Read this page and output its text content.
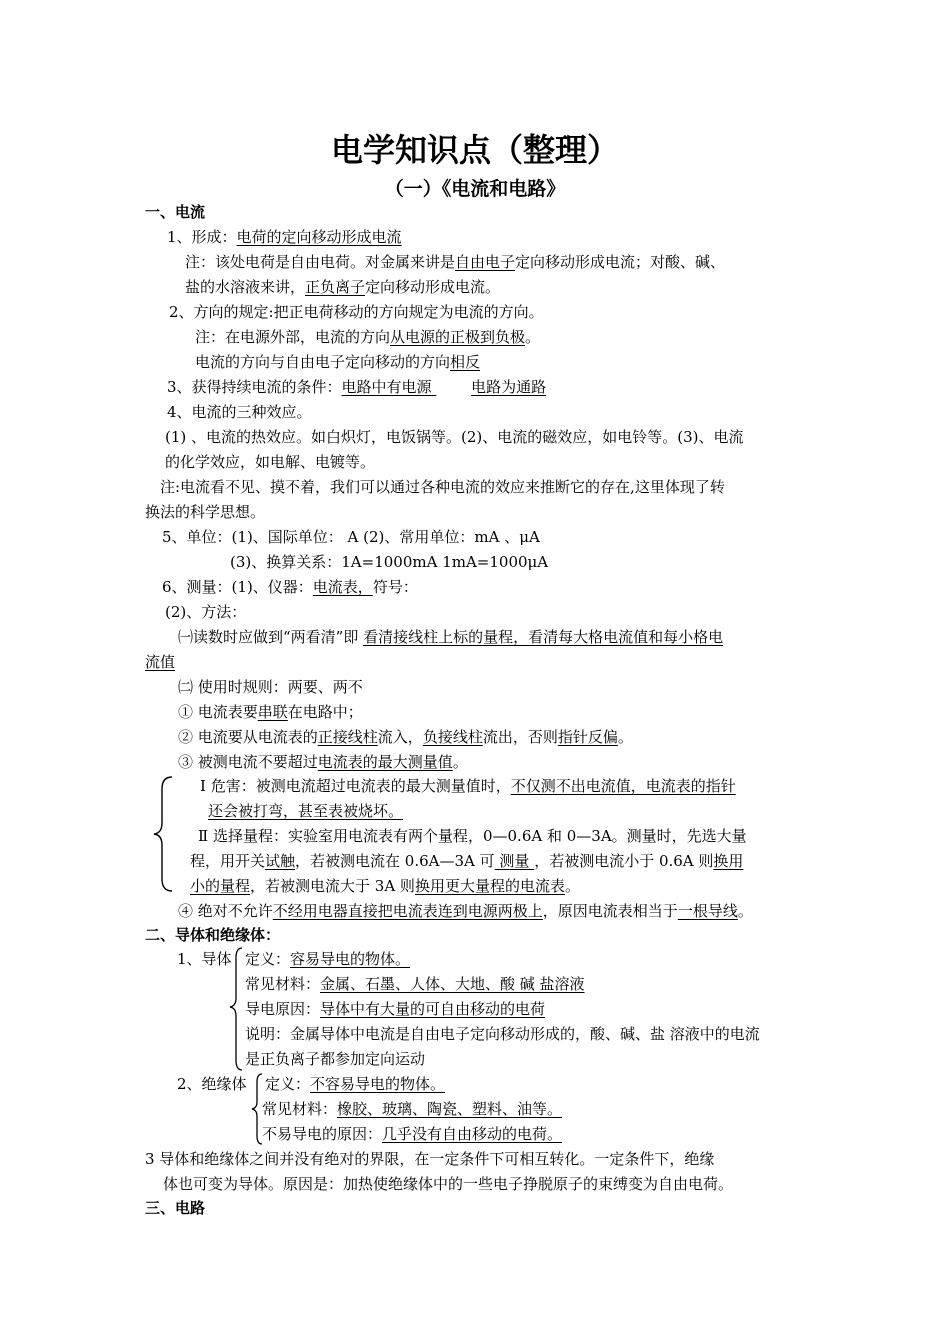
电学知识点（整理）
（一）《电流和电路》
一、电流
1、形成：电荷的定向移动形成电流
注：该处电荷是自由电荷。对金属来讲是自由电子定向移动形成电流；对酸、碱、
盐的水溶液来讲，正负离子定向移动形成电流。
2、方向的规定:把正电荷移动的方向规定为电流的方向。
注：在电源外部，电流的方向从电源的正极到负极。
电流的方向与自由电子定向移动的方向相反
3、获得持续电流的条件：电路中有电源	电路为通路
4、电流的三种效应。
(1) 、电流的热效应。如白炽灯，电饭锅等。(2)、电流的磁效应，如电铃等。(3)、电流
的化学效应，如电解、电镀等。
注:电流看不见、摸不着，我们可以通过各种电流的效应来推断它的存在,这里体现了转
换法的科学思想。
5、单位：(1)、国际单位： A (2)、常用单位：mA 、μA
(3)、换算关系：1A=1000mA 1mA=1000μA
6、测量：(1)、仪器：电流表，符号：
(2)、方法：
㈠读数时应做到“两看清”即 看清接线柱上标的量程，看清每大格电流值和每小格电
流值
㈡ 使用时规则：两要、两不
① 电流表要串联在电路中；
② 电流要从电流表的正接线柱流入，负接线柱流出，否则指针反偏。
③ 被测电流不要超过电流表的最大测量值。
Ⅰ 危害：被测电流超过电流表的最大测量值时，不仅测不出电流值，电流表的指针
还会被打弯，甚至表被烧坏。
Ⅱ 选择量程：实验室用电流表有两个量程，0—0.6A 和 0—3A。测量时，先选大量
程，用开关试触，若被测电流在 0.6A—3A 可 测量 ，若被测电流小于 0.6A 则换用
小的量程，若被测电流大于 3A 则换用更大量程的电流表。
④ 绝对不允许不经用电器直接把电流表连到电源两极上，原因电流表相当于一根导线。
二、导体和绝缘体：
1、导体 定义：容易导电的物体。
常见材料：金属、石墨、人体、大地、酸 碱 盐溶液
导电原因：导体中有大量的可自由移动的电荷
说明：金属导体中电流是自由电子定向移动形成的，酸、碱、盐 溶液中的电流
是正负离子都参加定向运动
2、绝缘体 定义：不容易导电的物体。
常见材料：橡胶、玻璃、陶瓷、塑料、油等。
不易导电的原因：几乎没有自由移动的电荷。
3 导体和绝缘体之间并没有绝对的界限，在一定条件下可相互转化。一定条件下，绝缘
体也可变为导体。原因是：加热使绝缘体中的一些电子挣脱原子的束缚变为自由电荷。
三、电路
